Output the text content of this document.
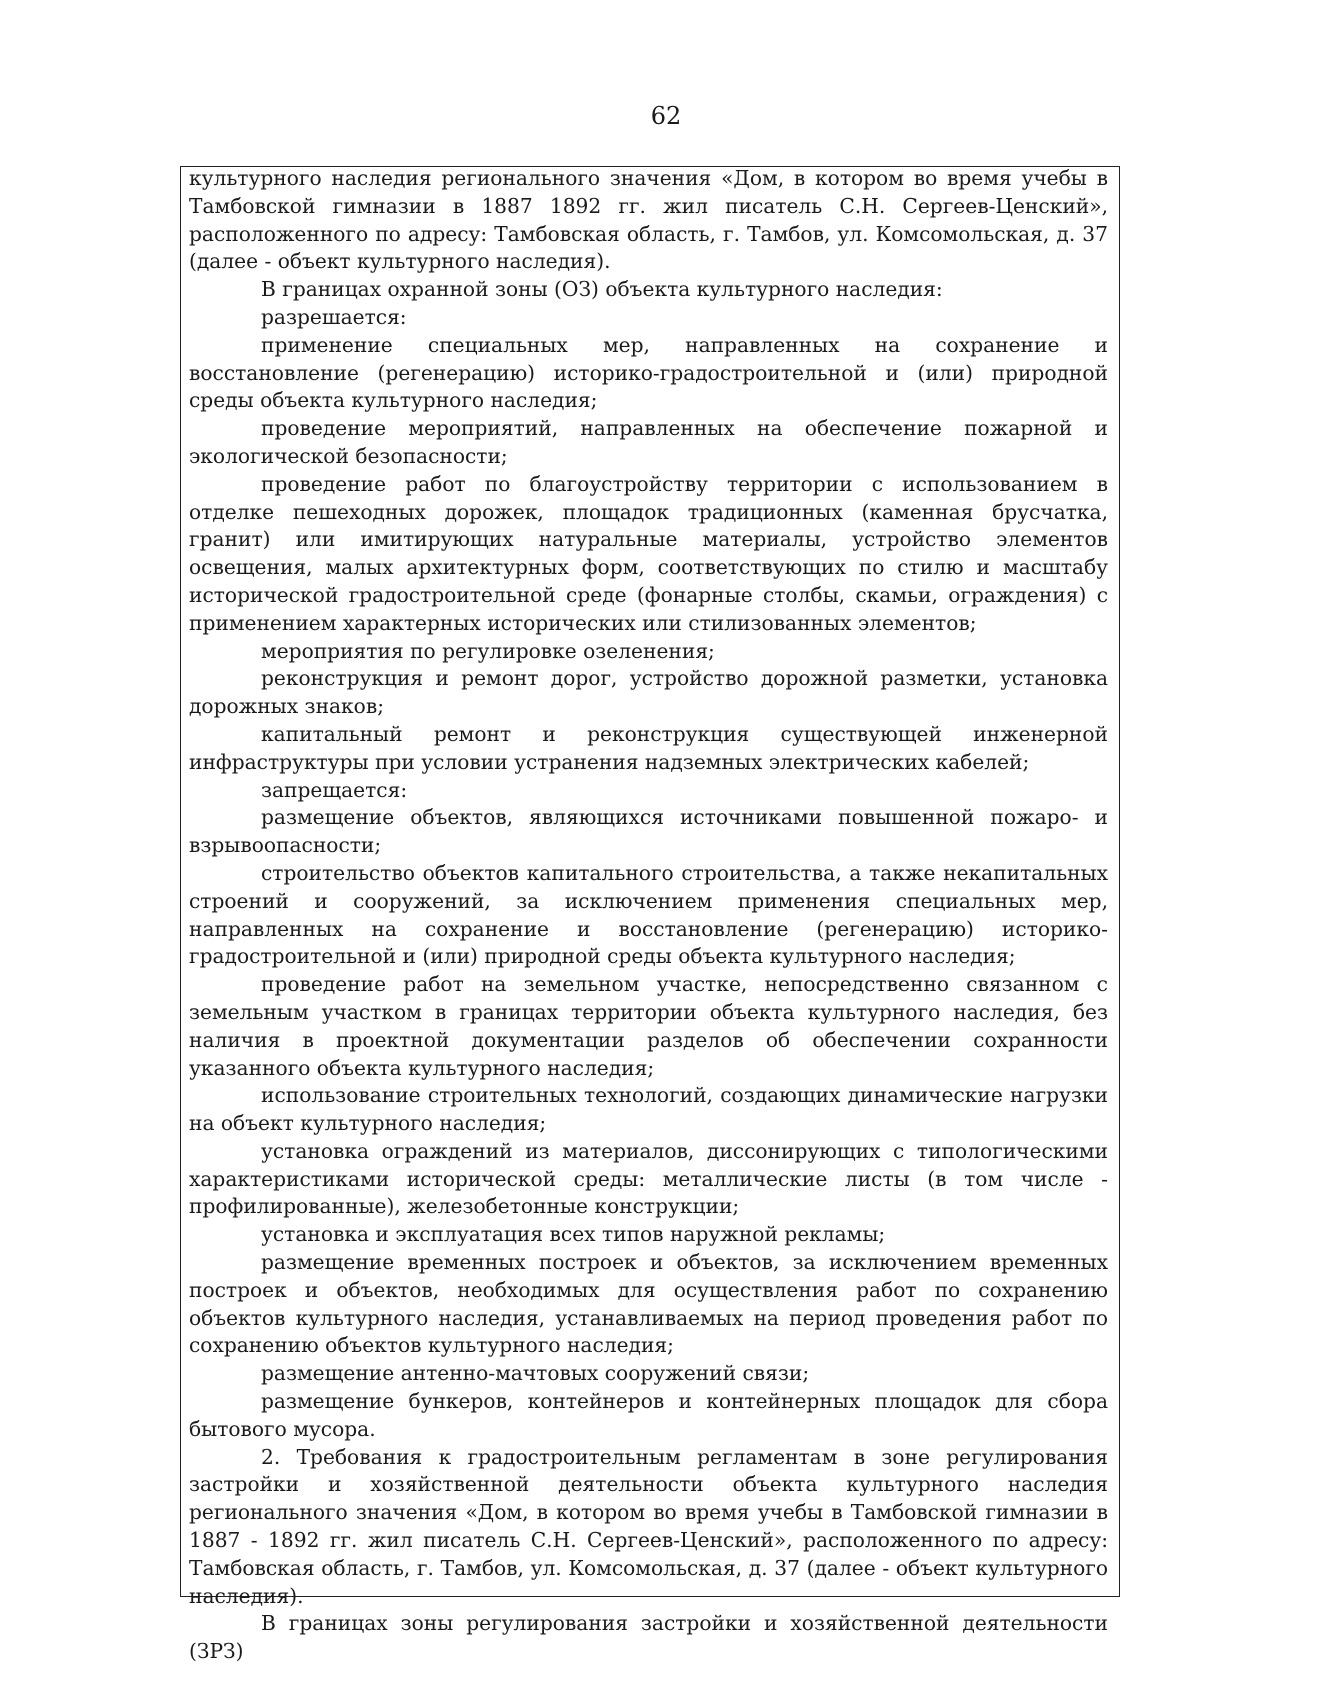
62

культурного наследия регионального значения «Дом, в котором во время учебы в Тамбовской гимназии в 1887 1892 гг. жил писатель С.Н. Сергеев-Ценский», расположенного по адресу: Тамбовская область, г. Тамбов, ул. Комсомольская, д. 37 (далее - объект культурного наследия).

В границах охранной зоны (ОЗ) объекта культурного наследия:

разрешается:

применение специальных мер, направленных на сохранение и восстановление (регенерацию) историко-градостроительной и (или) природной среды объекта культурного наследия;

проведение мероприятий, направленных на обеспечение пожарной и экологической безопасности;

проведение работ по благоустройству территории с использованием в отделке пешеходных дорожек, площадок традиционных (каменная брусчатка, гранит) или имитирующих натуральные материалы, устройство элементов освещения, малых архитектурных форм, соответствующих по стилю и масштабу исторической градостроительной среде (фонарные столбы, скамьи, ограждения) с применением характерных исторических или стилизованных элементов;

мероприятия по регулировке озеленения;

реконструкция и ремонт дорог, устройство дорожной разметки, установка дорожных знаков;

капитальный ремонт и реконструкция существующей инженерной инфраструктуры при условии устранения надземных электрических кабелей;

запрещается:

размещение объектов, являющихся источниками повышенной пожаро- и взрывоопасности;

строительство объектов капитального строительства, а также некапитальных строений и сооружений, за исключением применения специальных мер, направленных на сохранение и восстановление (регенерацию) историко-градостроительной и (или) природной среды объекта культурного наследия;

проведение работ на земельном участке, непосредственно связанном с земельным участком в границах территории объекта культурного наследия, без наличия в проектной документации разделов об обеспечении сохранности указанного объекта культурного наследия;

использование строительных технологий, создающих динамические нагрузки на объект культурного наследия;

установка ограждений из материалов, диссонирующих с типологическими характеристиками исторической среды: металлические листы (в том числе - профилированные), железобетонные конструкции;

установка и эксплуатация всех типов наружной рекламы;

размещение временных построек и объектов, за исключением временных построек и объектов, необходимых для осуществления работ по сохранению объектов культурного наследия, устанавливаемых на период проведения работ по сохранению объектов культурного наследия;

размещение антенно-мачтовых сооружений связи;

размещение бункеров, контейнеров и контейнерных площадок для сбора бытового мусора.

2. Требования к градостроительным регламентам в зоне регулирования застройки и хозяйственной деятельности объекта культурного наследия регионального значения «Дом, в котором во время учебы в Тамбовской гимназии в 1887 - 1892 гг. жил писатель С.Н. Сергеев-Ценский», расположенного по адресу: Тамбовская область, г. Тамбов, ул. Комсомольская, д. 37 (далее - объект культурного наследия).

В границах зоны регулирования застройки и хозяйственной деятельности (ЗРЗ)
